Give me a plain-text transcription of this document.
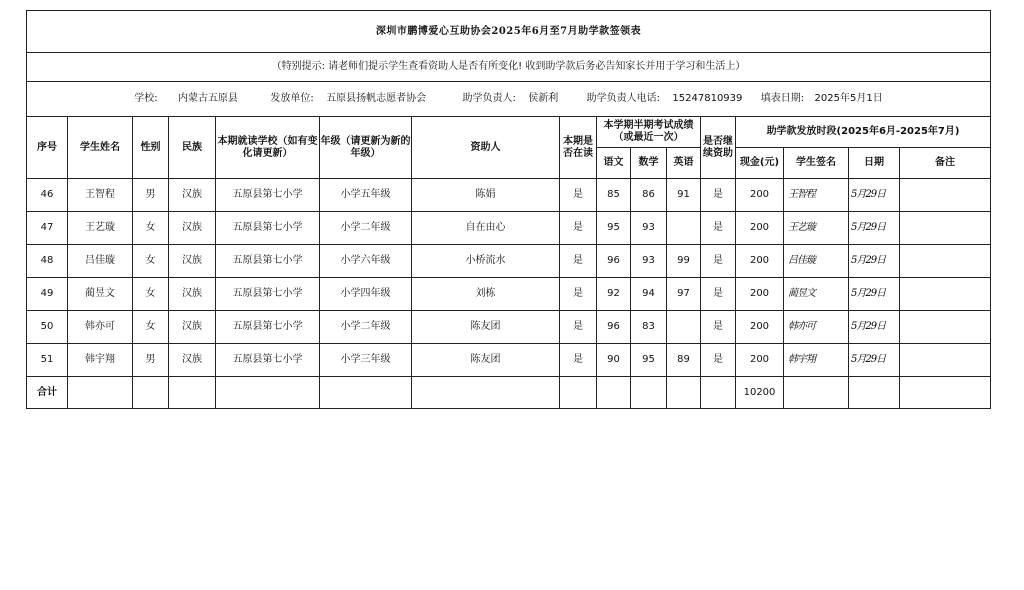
深圳市鹏博爱心互助协会2025年6月至7月助学款签领表															
（特别提示: 请老师们提示学生查看资助人是否有所变化! 收到助学款后务必告知家长并用于学习和生活上）															
学校: 内蒙古五原县 发放单位: 五原县扬帆志愿者协会 助学负责人: 侯新利 助学负责人电话: 15247810939 填表日期: 2025年5月1日															
序号	学生姓名	性别	民族	本期就读学校（如有变化请更新）	年级（请更新为新的年级）	资助人	本期是否在读	本学期半期考试成绩（或最近一次）			是否继续资助	助学款发放时段(2025年6月-2025年7月)			
								语文	数学	英语		现金(元)	学生签名	日期	备注
46	王智程	男	汉族	五原县第七小学	小学五年级	陈娟	是	85	86	91	是	200	王智程	5月29日	
47	王艺璇	女	汉族	五原县第七小学	小学二年级	自在由心	是	95	93		是	200	王艺璇	5月29日	
48	吕佳璇	女	汉族	五原县第七小学	小学六年级	小桥流水	是	96	93	99	是	200	吕佳璇	5月29日	
49	蔺昱文	女	汉族	五原县第七小学	小学四年级	刘栋	是	92	94	97	是	200	蔺昱文	5月29日	
50	韩亦可	女	汉族	五原县第七小学	小学二年级	陈友团	是	96	83		是	200	韩亦可	5月29日	
51	韩宇翔	男	汉族	五原县第七小学	小学三年级	陈友团	是	90	95	89	是	200	韩宇翔	5月29日	
合计												10200			
